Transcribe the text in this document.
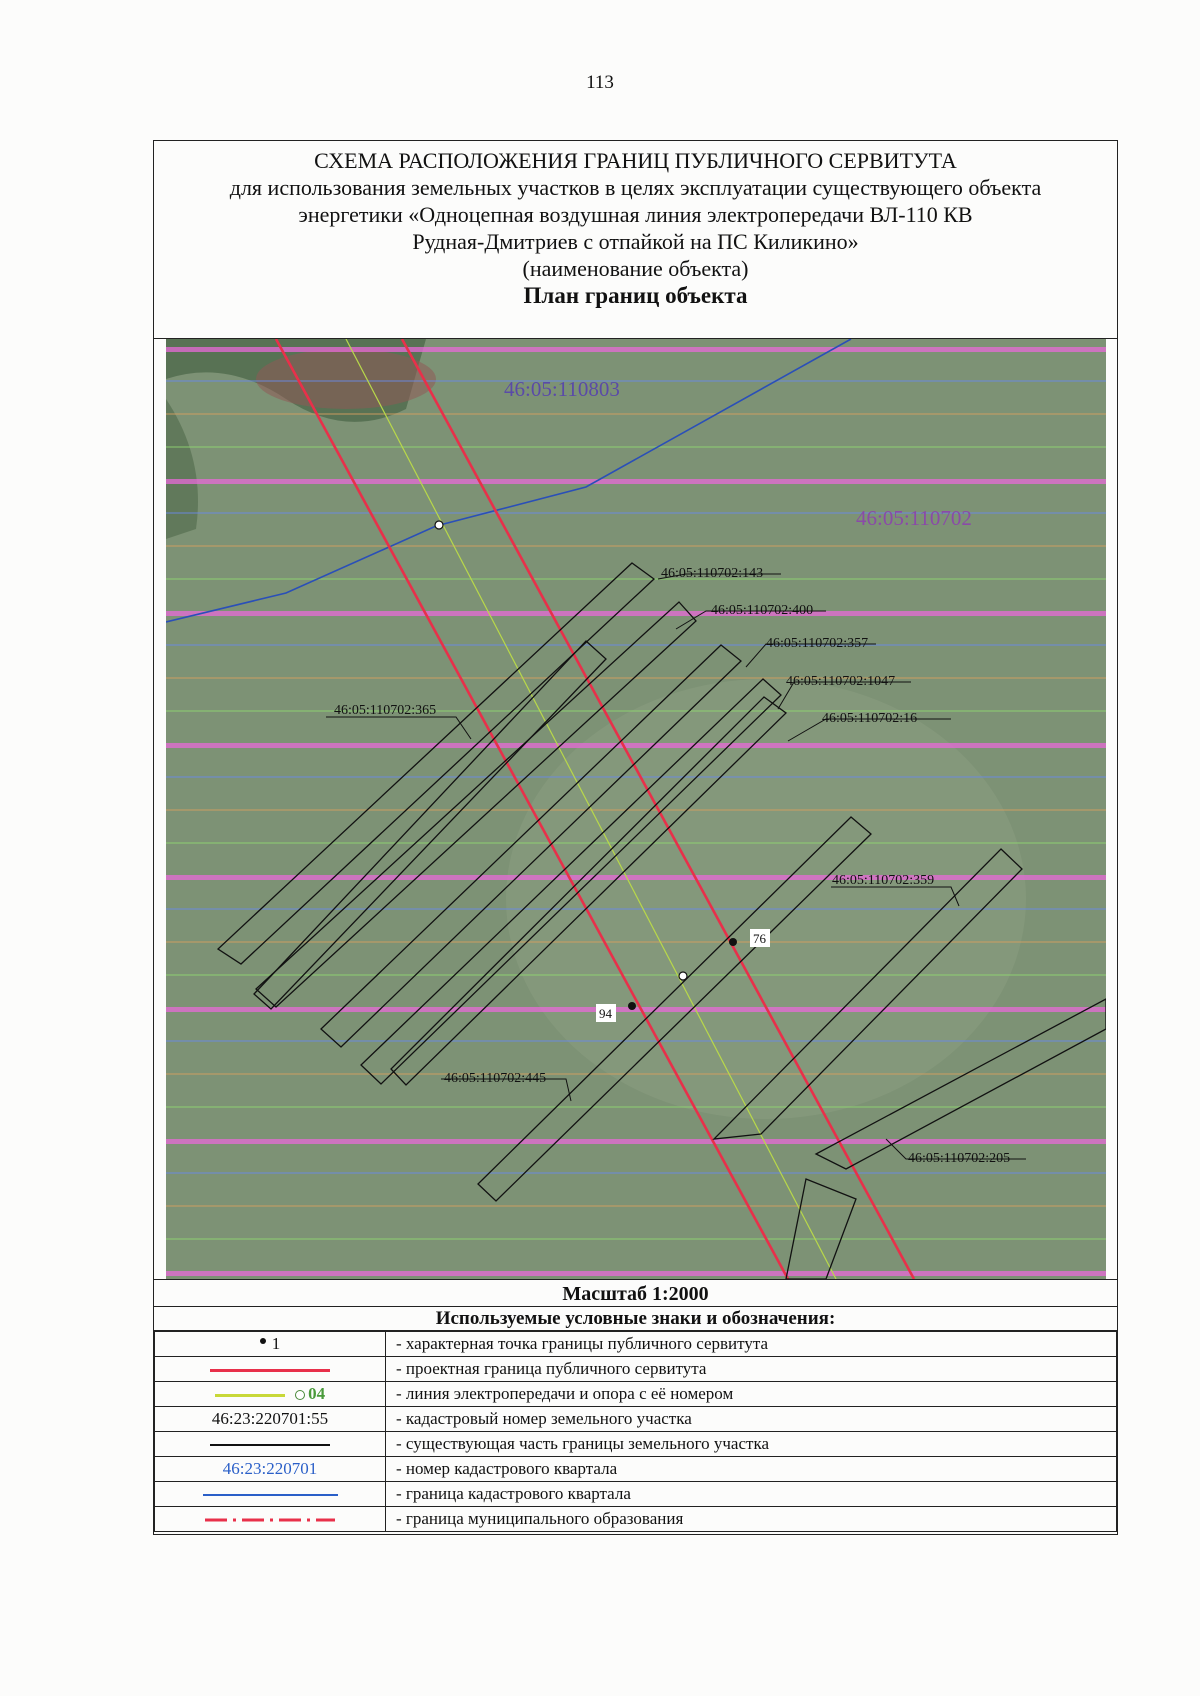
113
СХЕМА РАСПОЛОЖЕНИЯ ГРАНИЦ ПУБЛИЧНОГО СЕРВИТУТА
для использования земельных участков в целях эксплуатации существующего объекта
энергетики «Одноцепная воздушная линия электропередачи ВЛ-110 КВ
Рудная-Дмитриев с отпайкой на ПС Киликино»
(наименование объекта)
План границ объекта
46:05:110803
46:05:110702
46:05:110702:143
46:05:110702:400
46:05:110702:357
46:05:110702:1047
46:05:110702:16
46:05:110702:365
46:05:110702:359
46:05:110702:445
46:05:110702:205
76
94
Масштаб 1:2000
Используемые условные знаки и обозначения:
1	- характерная точка границы публичного сервитута
	- проектная граница публичного сервитута
04	- линия электропередачи и опора с её номером
46:23:220701:55	- кадастровый номер земельного участка
	- существующая часть границы земельного участка
46:23:220701	- номер кадастрового квартала
	- граница кадастрового квартала
	- граница муниципального образования
